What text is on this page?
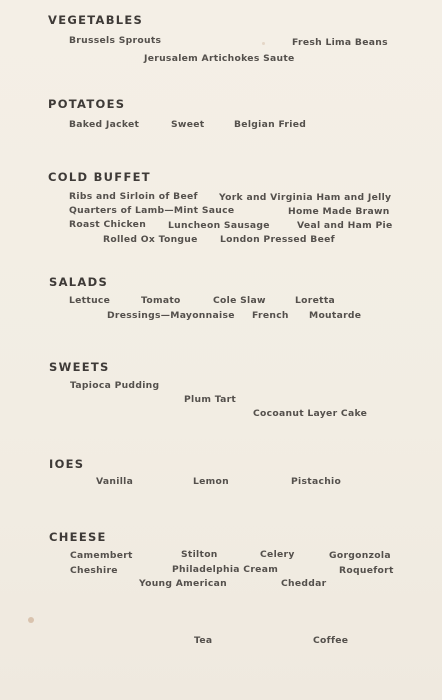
VEGETABLES
Brussels Sprouts	Fresh Lima Beans
Jerusalem Artichokes Saute
POTATOES
Baked Jacket	Sweet	Belgian Fried
COLD BUFFET
Ribs and Sirloin of Beef York and Virginia Ham and Jelly
Quarters of Lamb—Mint Sauce	Home Made Brawn
Roast Chicken Luncheon Sausage	Veal and Ham Pie
Rolled Ox Tongue London Pressed Beef
SALADS
Lettuce	Tomato	Cole Slaw	Loretta
Dressings—Mayonnaise French Moutarde
SWEETS
Tapioca Pudding
Plum Tart
Cocoanut Layer Cake
IOES
Vanilla	Lemon	Pistachio
CHEESE
Camembert	Stilton	Celery	Gorgonzola
Cheshire	Philadelphia Cream	Roquefort
Young American	Cheddar
Tea	Coffee
